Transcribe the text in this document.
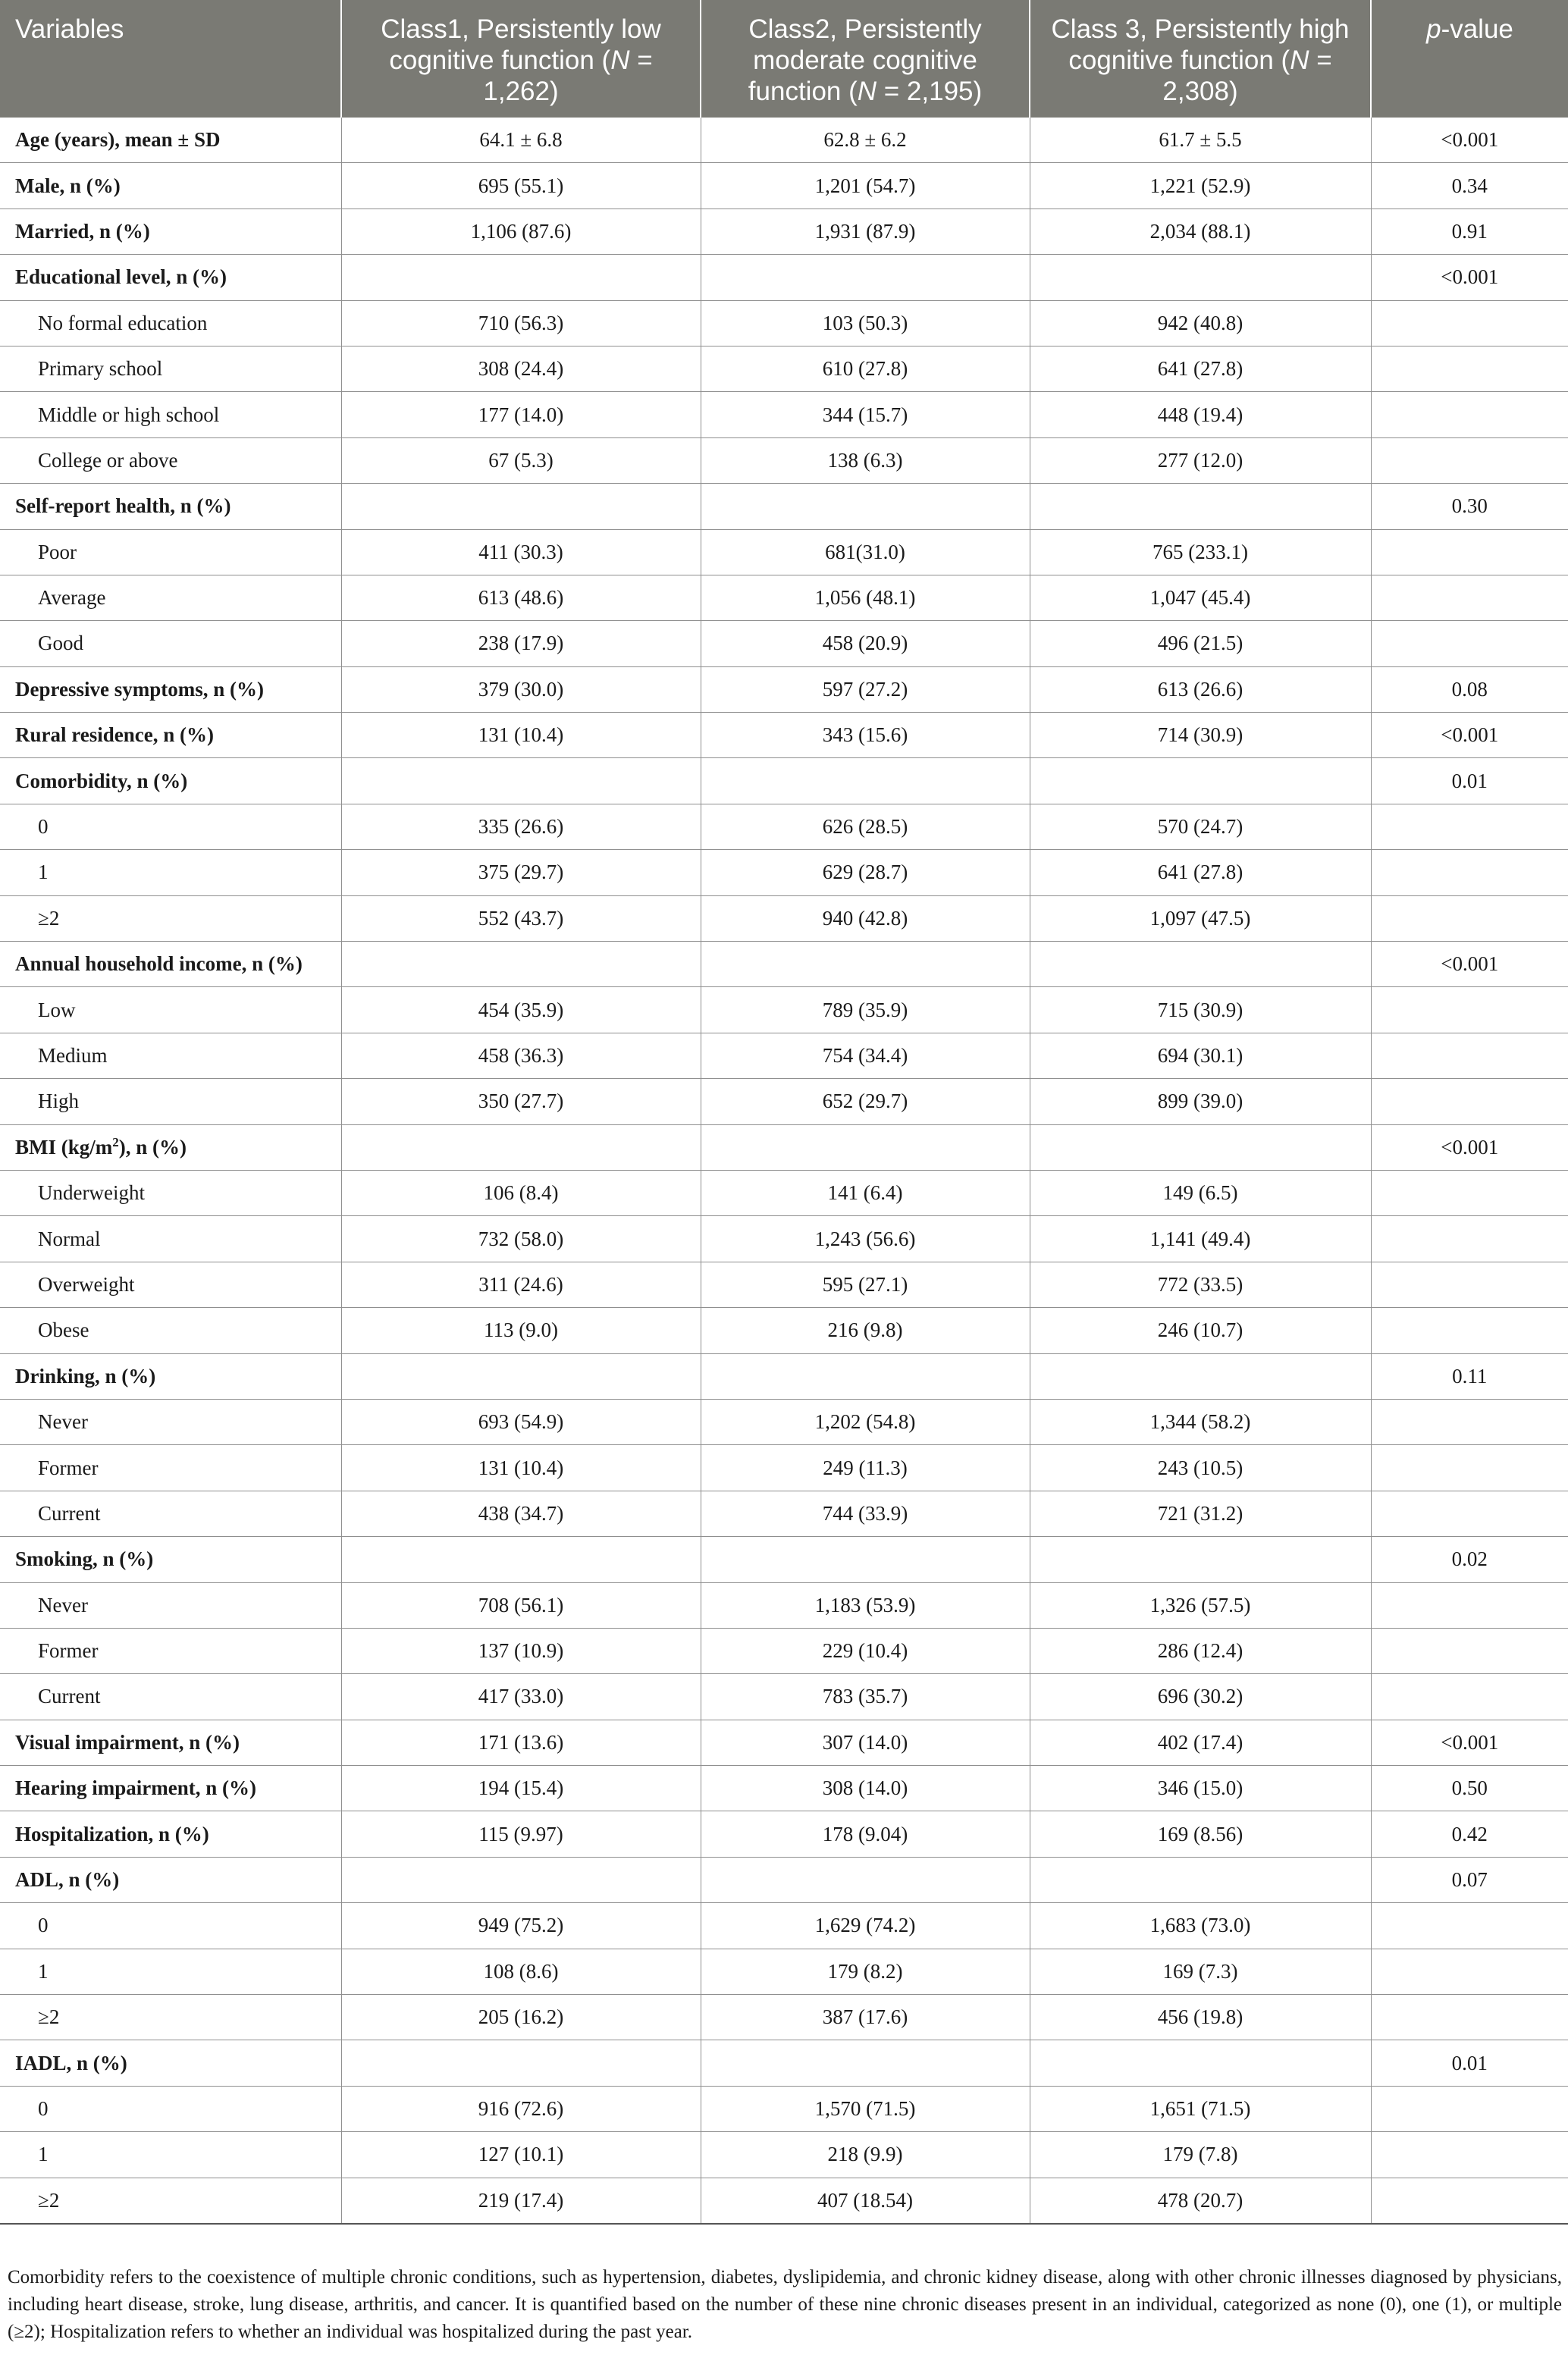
Variables	Class1, Persistently low cognitive function (N = 1,262)	Class2, Persistently moderate cognitive function (N = 2,195)	Class 3, Persistently high cognitive function (N = 2,308)	p-value

Age (years), mean ± SD	64.1 ± 6.8	62.8 ± 6.2	61.7 ± 5.5	<0.001
Male, n (%)	695 (55.1)	1,201 (54.7)	1,221 (52.9)	0.34
Married, n (%)	1,106 (87.6)	1,931 (87.9)	2,034 (88.1)	0.91
Educational level, n (%)				<0.001
No formal education	710 (56.3)	103 (50.3)	942 (40.8)	
Primary school	308 (24.4)	610 (27.8)	641 (27.8)	
Middle or high school	177 (14.0)	344 (15.7)	448 (19.4)	
College or above	67 (5.3)	138 (6.3)	277 (12.0)	
Self-report health, n (%)				0.30
Poor	411 (30.3)	681(31.0)	765 (233.1)	
Average	613 (48.6)	1,056 (48.1)	1,047 (45.4)	
Good	238 (17.9)	458 (20.9)	496 (21.5)	
Depressive symptoms, n (%)	379 (30.0)	597 (27.2)	613 (26.6)	0.08
Rural residence, n (%)	131 (10.4)	343 (15.6)	714 (30.9)	<0.001
Comorbidity, n (%)				0.01
0	335 (26.6)	626 (28.5)	570 (24.7)	
1	375 (29.7)	629 (28.7)	641 (27.8)	
≥2	552 (43.7)	940 (42.8)	1,097 (47.5)	
Annual household income, n (%)				<0.001
Low	454 (35.9)	789 (35.9)	715 (30.9)	
Medium	458 (36.3)	754 (34.4)	694 (30.1)	
High	350 (27.7)	652 (29.7)	899 (39.0)	
BMI $(kg/m^2)$, n (%)				<0.001
Underweight	106 (8.4)	141 (6.4)	149 (6.5)	
Normal	732 (58.0)	1,243 (56.6)	1,141 (49.4)	
Overweight	311 (24.6)	595 (27.1)	772 (33.5)	
Obese	113 (9.0)	216 (9.8)	246 (10.7)	
Drinking, n (%)				0.11
Never	693 (54.9)	1,202 (54.8)	1,344 (58.2)	
Former	131 (10.4)	249 (11.3)	243 (10.5)	
Current	438 (34.7)	744 (33.9)	721 (31.2)	
Smoking, n (%)				0.02
Never	708 (56.1)	1,183 (53.9)	1,326 (57.5)	
Former	137 (10.9)	229 (10.4)	286 (12.4)	
Current	417 (33.0)	783 (35.7)	696 (30.2)	
Visual impairment, n (%)	171 (13.6)	307 (14.0)	402 (17.4)	<0.001
Hearing impairment, n (%)	194 (15.4)	308 (14.0)	346 (15.0)	0.50
Hospitalization, n (%)	115 (9.97)	178 (9.04)	169 (8.56)	0.42
ADL, n (%)				0.07
0	949 (75.2)	1,629 (74.2)	1,683 (73.0)	
1	108 (8.6)	179 (8.2)	169 (7.3)	
≥2	205 (16.2)	387 (17.6)	456 (19.8)	
IADL, n (%)				0.01
0	916 (72.6)	1,570 (71.5)	1,651 (71.5)	
1	127 (10.1)	218 (9.9)	179 (7.8)	
≥2	219 (17.4)	407 (18.54)	478 (20.7)	
Comorbidity refers to the coexistence of multiple chronic conditions, such as hypertension, diabetes, dyslipidemia, and chronic kidney disease, along with other chronic illnesses diagnosed by physicians, including heart disease, stroke, lung disease, arthritis, and cancer. It is quantified based on the number of these nine chronic diseases present in an individual, categorized as none (0), one (1), or multiple (≥2); Hospitalization refers to whether an individual was hospitalized during the past year.
